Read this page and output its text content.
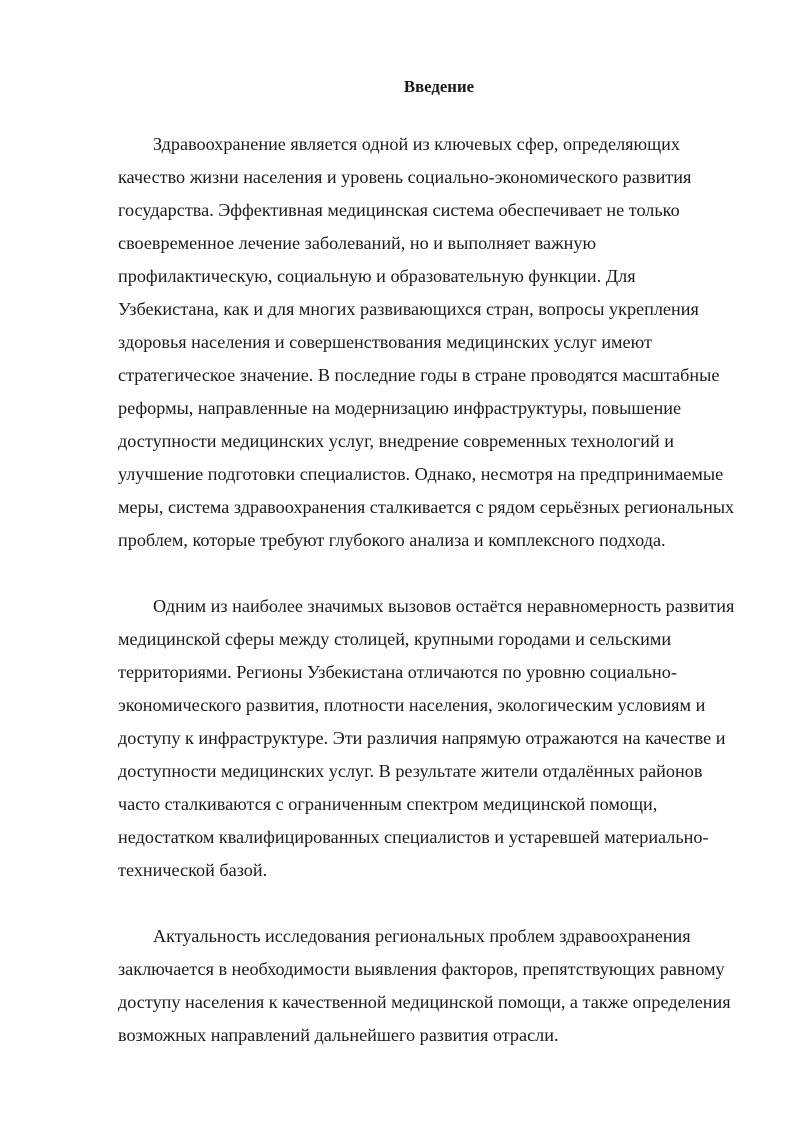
Введение

Здравоохранение является одной из ключевых сфер, определяющих качество жизни населения и уровень социально-экономического развития государства. Эффективная медицинская система обеспечивает не только своевременное лечение заболеваний, но и выполняет важную профилактическую, социальную и образовательную функции. Для Узбекистана, как и для многих развивающихся стран, вопросы укрепления здоровья населения и совершенствования медицинских услуг имеют стратегическое значение. В последние годы в стране проводятся масштабные реформы, направленные на модернизацию инфраструктуры, повышение доступности медицинских услуг, внедрение современных технологий и улучшение подготовки специалистов. Однако, несмотря на предпринимаемые меры, система здравоохранения сталкивается с рядом серьёзных региональных проблем, которые требуют глубокого анализа и комплексного подхода.

Одним из наиболее значимых вызовов остаётся неравномерность развития медицинской сферы между столицей, крупными городами и сельскими территориями. Регионы Узбекистана отличаются по уровню социально-экономического развития, плотности населения, экологическим условиям и доступу к инфраструктуре. Эти различия напрямую отражаются на качестве и доступности медицинских услуг. В результате жители отдалённых районов часто сталкиваются с ограниченным спектром медицинской помощи, недостатком квалифицированных специалистов и устаревшей материально-технической базой.

Актуальность исследования региональных проблем здравоохранения заключается в необходимости выявления факторов, препятствующих равному доступу населения к качественной медицинской помощи, а также определения возможных направлений дальнейшего развития отрасли.
